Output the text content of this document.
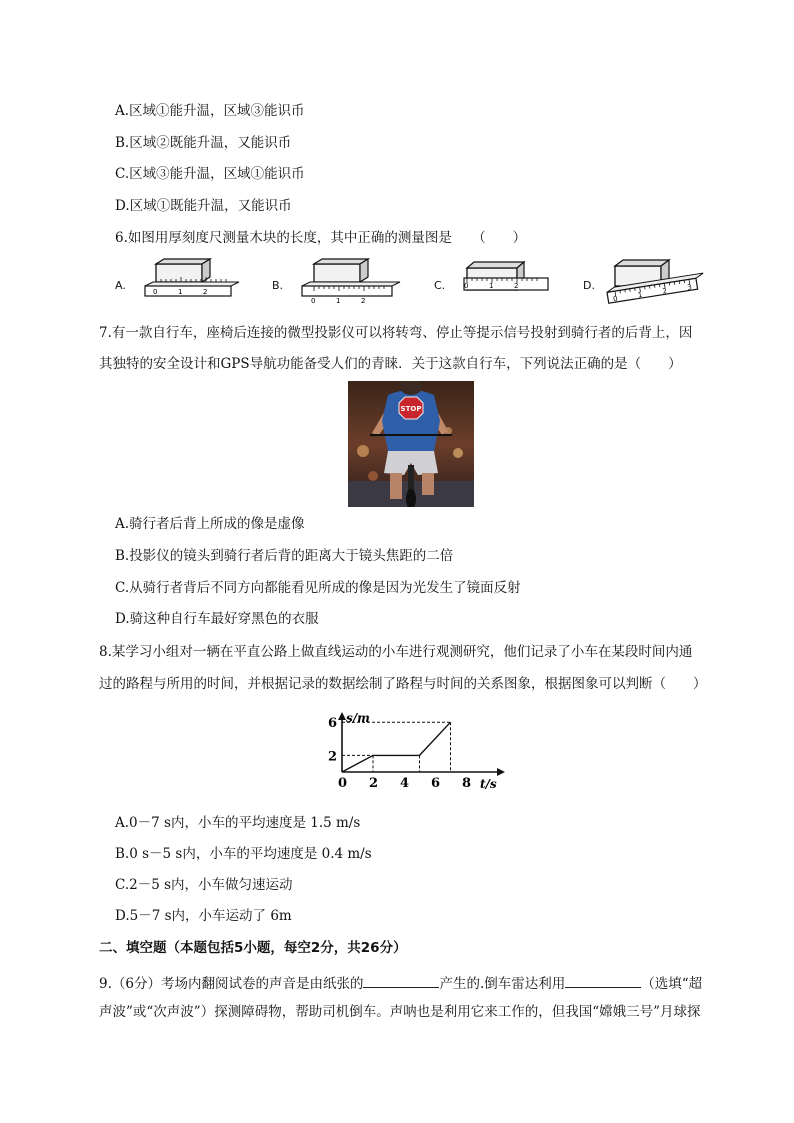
A.区域①能升温，区域③能识币
B.区域②既能升温，又能识币
C.区域③能升温，区域①能识币
D.区域①既能升温，又能识币
6.如图用厚刻度尺测量木块的长度，其中正确的测量图是　　（　　）
A.	0	1	2	B.
0	1	2
C.	0	1	2	D.
0	1	2	3
7.有一款自行车，座椅后连接的微型投影仪可以将转弯、停止等提示信号投射到骑行者的后背上，因
其独特的安全设计和GPS导航功能备受人们的青睐．关于这款自行车，下列说法正确的是（　　）
STOP
A.骑行者后背上所成的像是虚像
B.投影仪的镜头到骑行者后背的距离大于镜头焦距的二倍
C.从骑行者背后不同方向都能看见所成的像是因为光发生了镜面反射
D.骑这种自行车最好穿黑色的衣服
8.某学习小组对一辆在平直公路上做直线运动的小车进行观测研究，他们记录了小车在某段时间内通
过的路程与所用的时间，并根据记录的数据绘制了路程与时间的关系图象，根据图象可以判断（　　）
0 2 4 6 8
2
6
t/s
s/m
A.0－7 s内，小车的平均速度是 1.5 m/s
B.0 s－5 s内，小车的平均速度是 0.4 m/s
C.2－5 s内，小车做匀速运动
D.5－7 s内，小车运动了 6m
二、填空题（本题包括5小题，每空2分，共26分）
9.（6分）考场内翻阅试卷的声音是由纸张的	产生的.倒车雷达利用	（选填“超
声波”或“次声波”）探测障碍物，帮助司机倒车。声呐也是利用它来工作的，但我国“嫦娥三号”月球探
